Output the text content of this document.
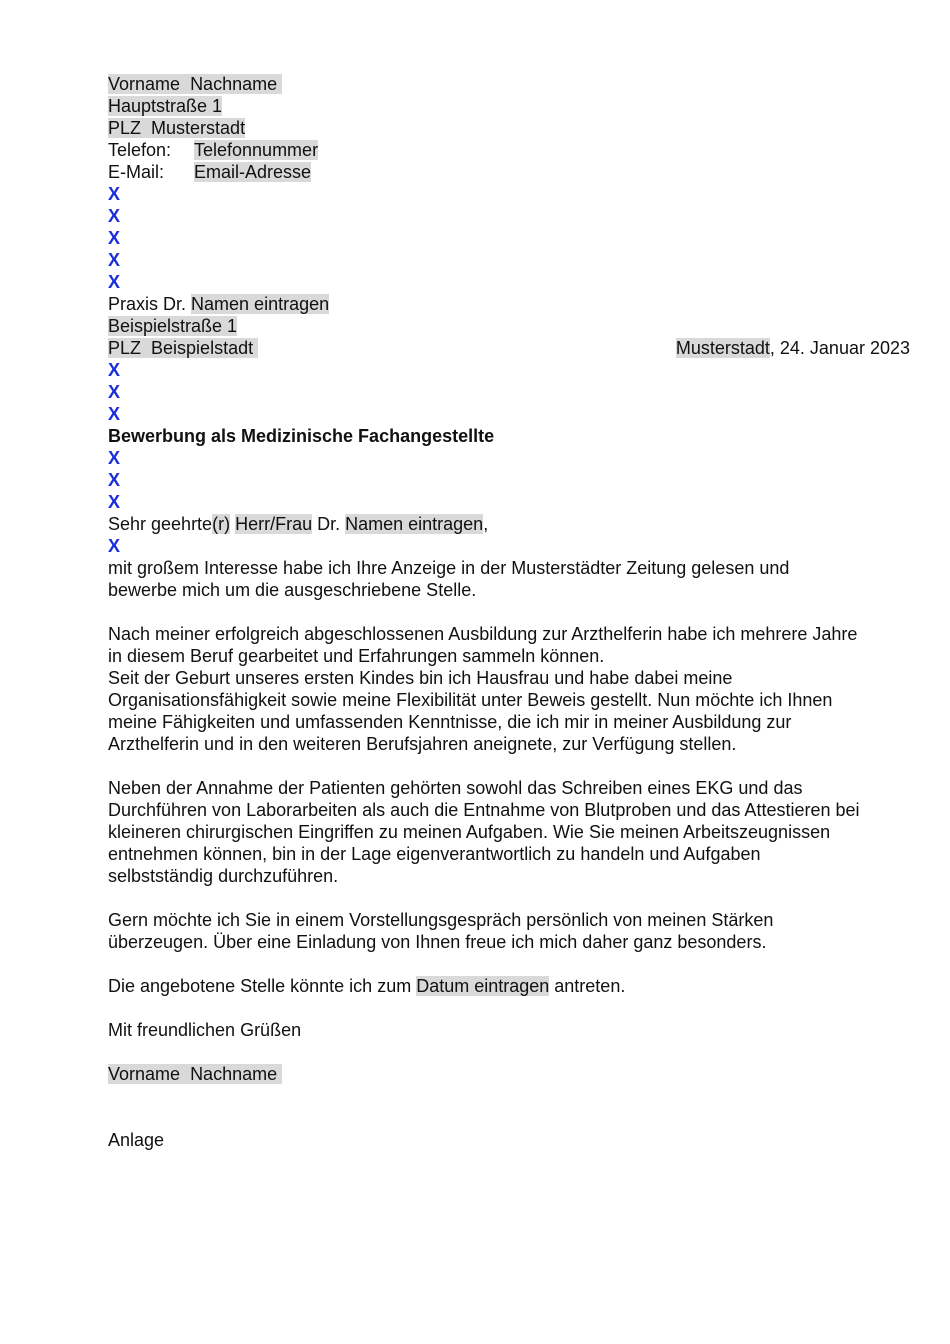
Vorname Nachname
Hauptstraße 1
PLZ Musterstadt
Telefon: Telefonnummer
E-Mail: Email-Adresse
X
X
X
X
X
Praxis Dr. Namen eintragen
Beispielstraße 1
PLZ Beispielstadt	Musterstadt, 24. Januar 2023
X
X
X
Bewerbung als Medizinische Fachangestellte
X
X
X
Sehr geehrte(r) Herr/Frau Dr. Namen eintragen,
X
mit großem Interesse habe ich Ihre Anzeige in der Musterstädter Zeitung gelesen und
bewerbe mich um die ausgeschriebene Stelle.
Nach meiner erfolgreich abgeschlossenen Ausbildung zur Arzthelferin habe ich mehrere Jahre
in diesem Beruf gearbeitet und Erfahrungen sammeln können.
Seit der Geburt unseres ersten Kindes bin ich Hausfrau und habe dabei meine
Organisationsfähigkeit sowie meine Flexibilität unter Beweis gestellt. Nun möchte ich Ihnen
meine Fähigkeiten und umfassenden Kenntnisse, die ich mir in meiner Ausbildung zur
Arzthelferin und in den weiteren Berufsjahren aneignete, zur Verfügung stellen.
Neben der Annahme der Patienten gehörten sowohl das Schreiben eines EKG und das
Durchführen von Laborarbeiten als auch die Entnahme von Blutproben und das Attestieren bei
kleineren chirurgischen Eingriffen zu meinen Aufgaben. Wie Sie meinen Arbeitszeugnissen
entnehmen können, bin in der Lage eigenverantwortlich zu handeln und Aufgaben
selbstständig durchzuführen.
Gern möchte ich Sie in einem Vorstellungsgespräch persönlich von meinen Stärken
überzeugen. Über eine Einladung von Ihnen freue ich mich daher ganz besonders.
Die angebotene Stelle könnte ich zum Datum eintragen antreten.
Mit freundlichen Grüßen
Vorname Nachname
Anlage
